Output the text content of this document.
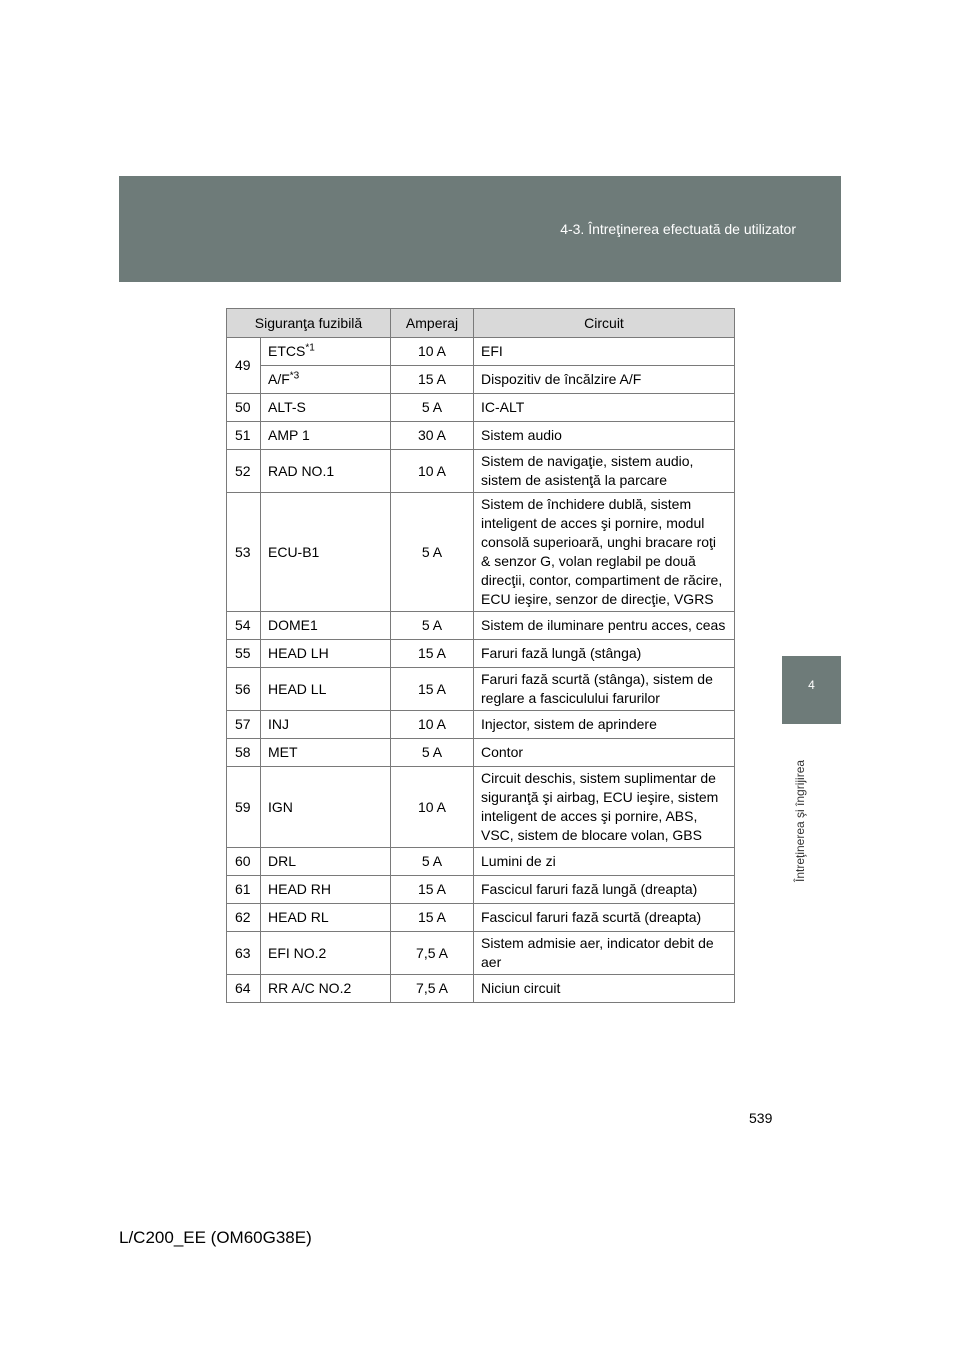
4-3. Întreţinerea efectuată de utilizator
4
Întreţinerea şi îngrijirea
Siguranţa fuzibilă		Amperaj	Circuit
49	ETCS$^{*1}$	10 A	EFI
	$A/F^{*3}$	15 A	Dispozitiv de încălzire A/F
50	ALT-S	5 A	IC-ALT
51	AMP 1	30 A	Sistem audio
52	RAD NO.1	10 A	Sistem de navigaţie, sistem audio, sistem de asistenţă la parcare
53	ECU-B1	5 A	Sistem de închidere dublă, sistem inteligent de acces şi pornire, modul consolă superioară, unghi bracare roţi & senzor G, volan reglabil pe două direcţii, contor, compartiment de răcire, ECU ieşire, senzor de direcţie, VGRS
54	DOME1	5 A	Sistem de iluminare pentru acces, ceas
55	HEAD LH	15 A	Faruri fază lungă (stânga)
56	HEAD LL	15 A	Faruri fază scurtă (stânga), sistem de reglare a fasciculului farurilor
57	INJ	10 A	Injector, sistem de aprindere
58	MET	5 A	Contor
59	IGN	10 A	Circuit deschis, sistem suplimentar de siguranţă şi airbag, ECU ieşire, sistem inteligent de acces şi pornire, ABS, VSC, sistem de blocare volan, GBS
60	DRL	5 A	Lumini de zi
61	HEAD RH	15 A	Fascicul faruri fază lungă (dreapta)
62	HEAD RL	15 A	Fascicul faruri fază scurtă (dreapta)
63	EFI NO.2	7,5 A	Sistem admisie aer, indicator debit de aer
64	RR A/C NO.2	7,5 A	Niciun circuit
539
L/C200_EE (OM60G38E)
